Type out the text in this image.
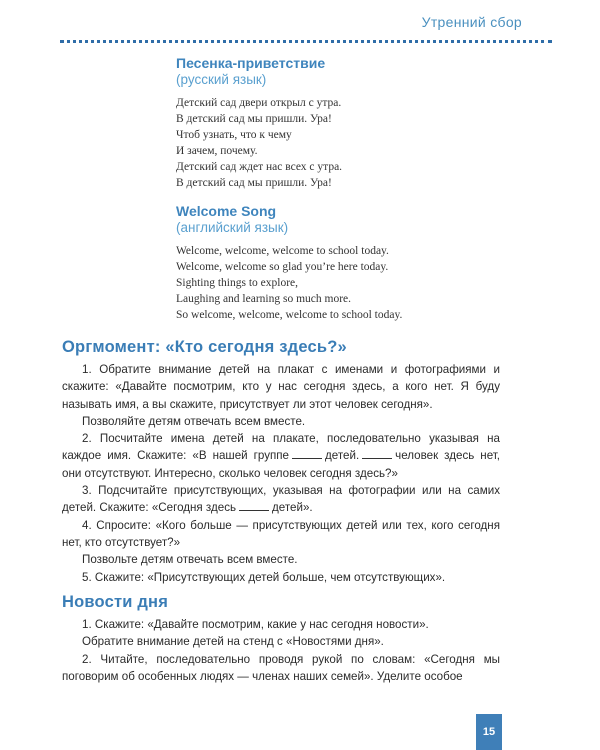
Утренний сбор

Песенка-приветствие

(русский язык)

Детский сад двери открыл с утра.
В детский сад мы пришли. Ура!
Чтоб узнать, что к чему
И зачем, почему.
Детский сад ждет нас всех с утра.
В детский сад мы пришли. Ура!

Welcome Song

(английский язык)

Welcome, welcome, welcome to school today.
Welcome, welcome so glad you’re here today.
Sighting things to explore,
Laughing and learning so much more.
So welcome, welcome, welcome to school today.
Оргмомент: «Кто сегодня здесь?»

1. Обратите внимание детей на плакат с именами и фотографиями и скажите: «Давайте посмотрим, кто у нас сегодня здесь, а кого нет. Я буду называть имя, а вы скажите, присутствует ли этот человек сегодня».

Позволяйте детям отвечать всем вместе.

2. Посчитайте имена детей на плакате, последовательно указывая на каждое имя. Скажите: «В нашей группе	детей.	человек здесь нет, они отсутствуют. Интересно, сколько человек сегодня здесь?»

3. Подсчитайте присутствующих, указывая на фотографии или на самих детей. Скажите: «Сегодня здесь	детей».

4. Спросите: «Кого больше — присутствующих детей или тех, кого сегодня нет, кто отсутствует?»

Позвольте детям отвечать всем вместе.

5. Скажите: «Присутствующих детей больше, чем отсутствующих».

Новости дня

1. Скажите: «Давайте посмотрим, какие у нас сегодня новости».

Обратите внимание детей на стенд с «Новостями дня».

2. Читайте, последовательно проводя рукой по словам: «Сегодня мы поговорим об особенных людях — членах наших семей». Уделите особое

15
